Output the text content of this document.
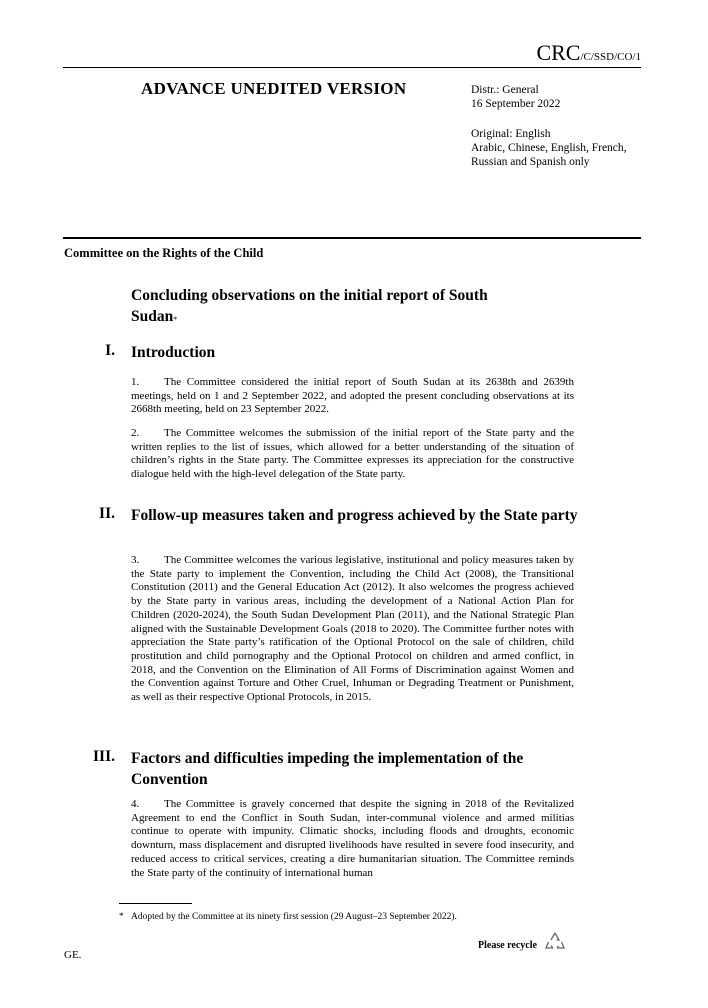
CRC/C/SSD/CO/1
ADVANCE UNEDITED VERSION	Distr.: General
16 September 2022
Original: English
Arabic, Chinese, English, French,
Russian and Spanish only
Committee on the Rights of the Child
Concluding observations on the initial report of South Sudan*
I. Introduction
1. The Committee considered the initial report of South Sudan at its 2638th and 2639th meetings, held on 1 and 2 September 2022, and adopted the present concluding observations at its 2668th meeting, held on 23 September 2022.
2. The Committee welcomes the submission of the initial report of the State party and the written replies to the list of issues, which allowed for a better understanding of the situation of children’s rights in the State party. The Committee expresses its appreciation for the constructive dialogue held with the high-level delegation of the State party.
II. Follow-up measures taken and progress achieved by the State party
3. The Committee welcomes the various legislative, institutional and policy measures taken by the State party to implement the Convention, including the Child Act (2008), the Transitional Constitution (2011) and the General Education Act (2012). It also welcomes the progress achieved by the State party in various areas, including the development of a National Action Plan for Children (2020-2024), the South Sudan Development Plan (2011), and the National Strategic Plan aligned with the Sustainable Development Goals (2018 to 2020). The Committee further notes with appreciation the State party’s ratification of the Optional Protocol on the sale of children, child prostitution and child pornography and the Optional Protocol on children and armed conflict, in 2018, and the Convention on the Elimination of All Forms of Discrimination against Women and the Convention against Torture and Other Cruel, Inhuman or Degrading Treatment or Punishment, as well as their respective Optional Protocols, in 2015.
III. Factors and difficulties impeding the implementation of the Convention
4. The Committee is gravely concerned that despite the signing in 2018 of the Revitalized Agreement to end the Conflict in South Sudan, inter-communal violence and armed militias continue to operate with impunity. Climatic shocks, including floods and droughts, economic downturn, mass displacement and disrupted livelihoods have resulted in severe food insecurity, and reduced access to critical services, creating a dire humanitarian situation. The Committee reminds the State party of the continuity of international human
* Adopted by the Committee at its ninety first session (29 August–23 September 2022).
Please recycle
GE.
